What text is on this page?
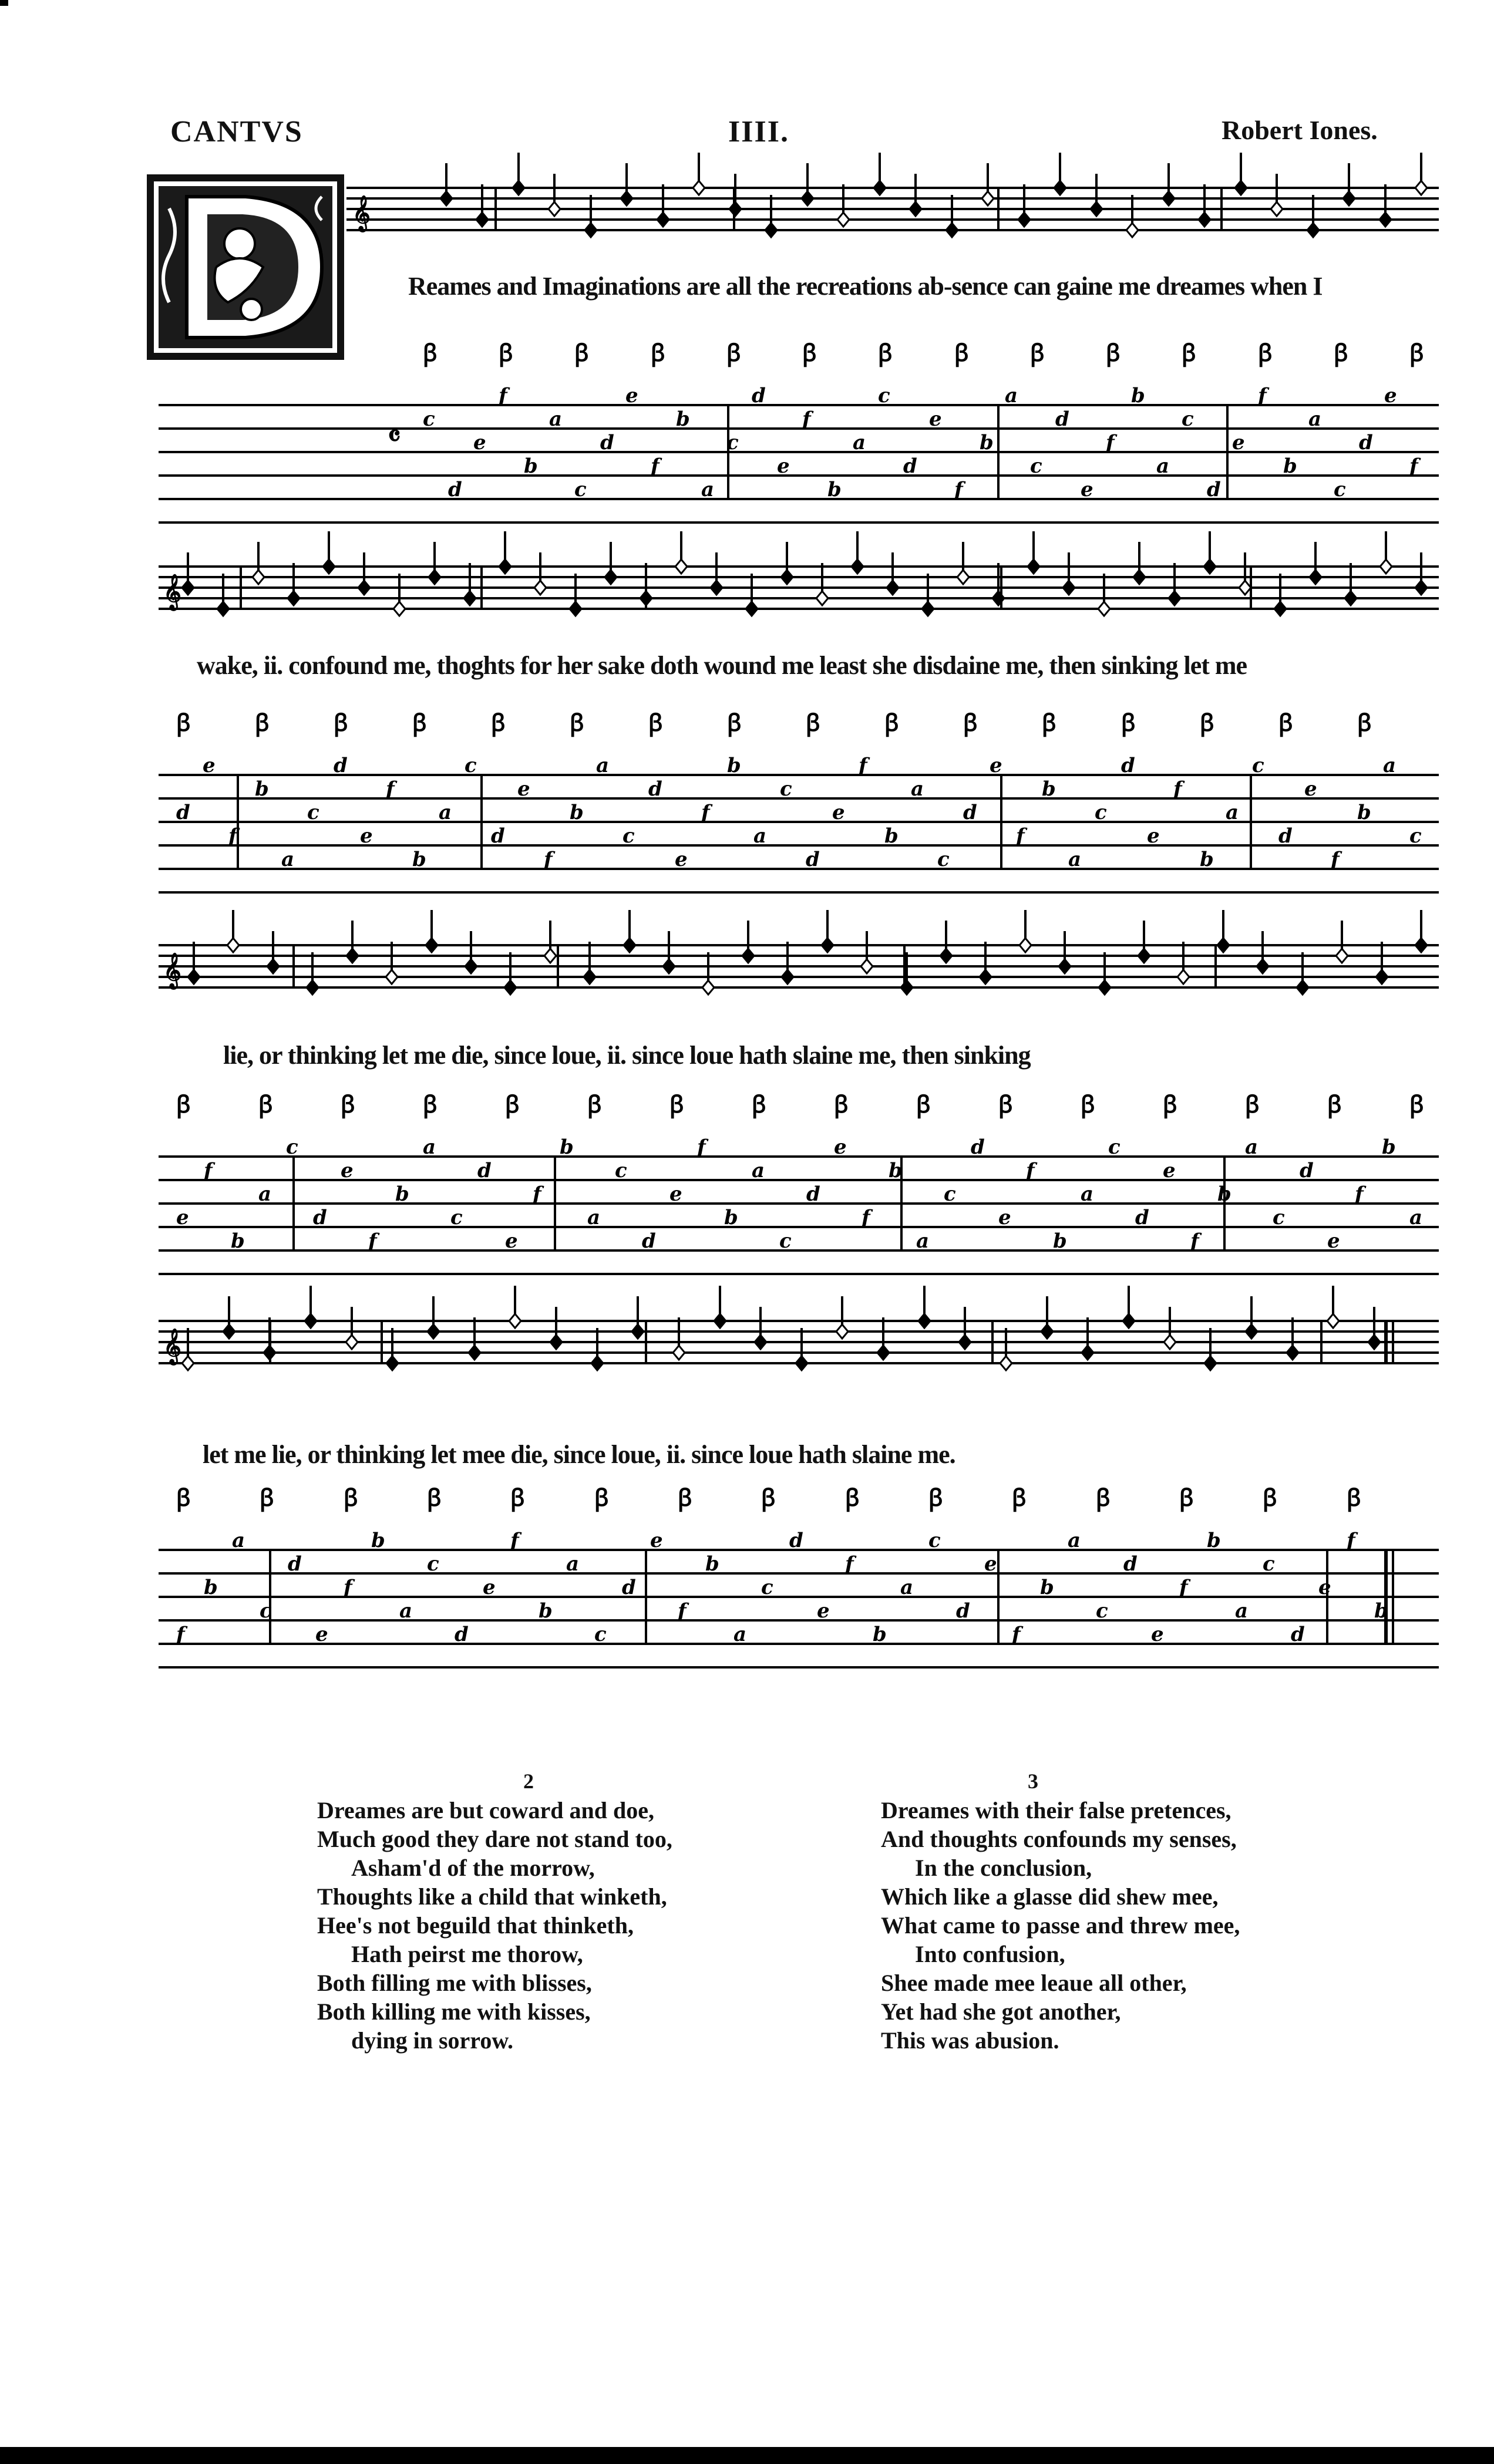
CANTVS	IIII.	Robert Iones.
𝄞
Reames and Imaginations are all the recreations ab-sence can gaine me dreames when I
𝄴 c
ꞵ
d
e
f
ꞵ
b
a
c
ꞵ
d
e
f
ꞵ
b
a
c
ꞵ
d
e
f
ꞵ
b
a
c
ꞵ
d
e
f
ꞵ
b
a
c
ꞵ
d
e
f
ꞵ
b
a
c
ꞵ
d
e
f
ꞵ
b
a
c
ꞵ
d
e
f
ꞵ
𝄞
wake, ii. confound me, thoghts for her sake doth wound me least she disdaine me, then sinking let me
d
ꞵ
e
f
b
ꞵ
a
c
d
ꞵ
e
f
b
ꞵ
a
c
d
ꞵ
e
f
b
ꞵ
a
c
d
ꞵ
e
f
b
ꞵ
a
c
d
ꞵ
e
f
b
ꞵ
a
c
d
ꞵ
e
f
b
ꞵ
a
c
d
ꞵ
e
f
b
ꞵ
a
c
d
ꞵ
e
f
b
ꞵ
a
c
𝄞
lie, or thinking let me die, since loue, ii. since loue hath slaine me, then sinking
e
ꞵ
f
b
a
ꞵ
c
d
e
ꞵ
f
b
a
ꞵ
c
d
e
ꞵ
f
b
a
ꞵ
c
d
e
ꞵ
f
b
a
ꞵ
c
d
e
ꞵ
f
b
a
ꞵ
c
d
e
ꞵ
f
b
a
ꞵ
c
d
e
ꞵ
f
b
a
ꞵ
c
d
e
ꞵ
f
b
a
ꞵ
𝄞
let me lie, or thinking let mee die, since loue, ii. since loue hath slaine me.
f
ꞵ
b
a
c
ꞵ
d
e
f
ꞵ
b
a
c
ꞵ
d
e
f
ꞵ
b
a
c
ꞵ
d
e
f
ꞵ
b
a
c
ꞵ
d
e
f
ꞵ
b
a
c
ꞵ
d
e
f
ꞵ
b
a
c
ꞵ
d
e
f
ꞵ
b
a
c
ꞵ
d
e
f
ꞵ
b
2
Dreames are but coward and doe,
Much good they dare not stand too,
Asham'd of the morrow,
Thoughts like a child that winketh,
Hee's not beguild that thinketh,
Hath peirst me thorow,
Both filling me with blisses,
Both killing me with kisses,
dying in sorrow.
3
Dreames with their false pretences,
And thoughts confounds my senses,
In the conclusion,
Which like a glasse did shew mee,
What came to passe and threw mee,
Into confusion,
Shee made mee leaue all other,
Yet had she got another,
This was abusion.
